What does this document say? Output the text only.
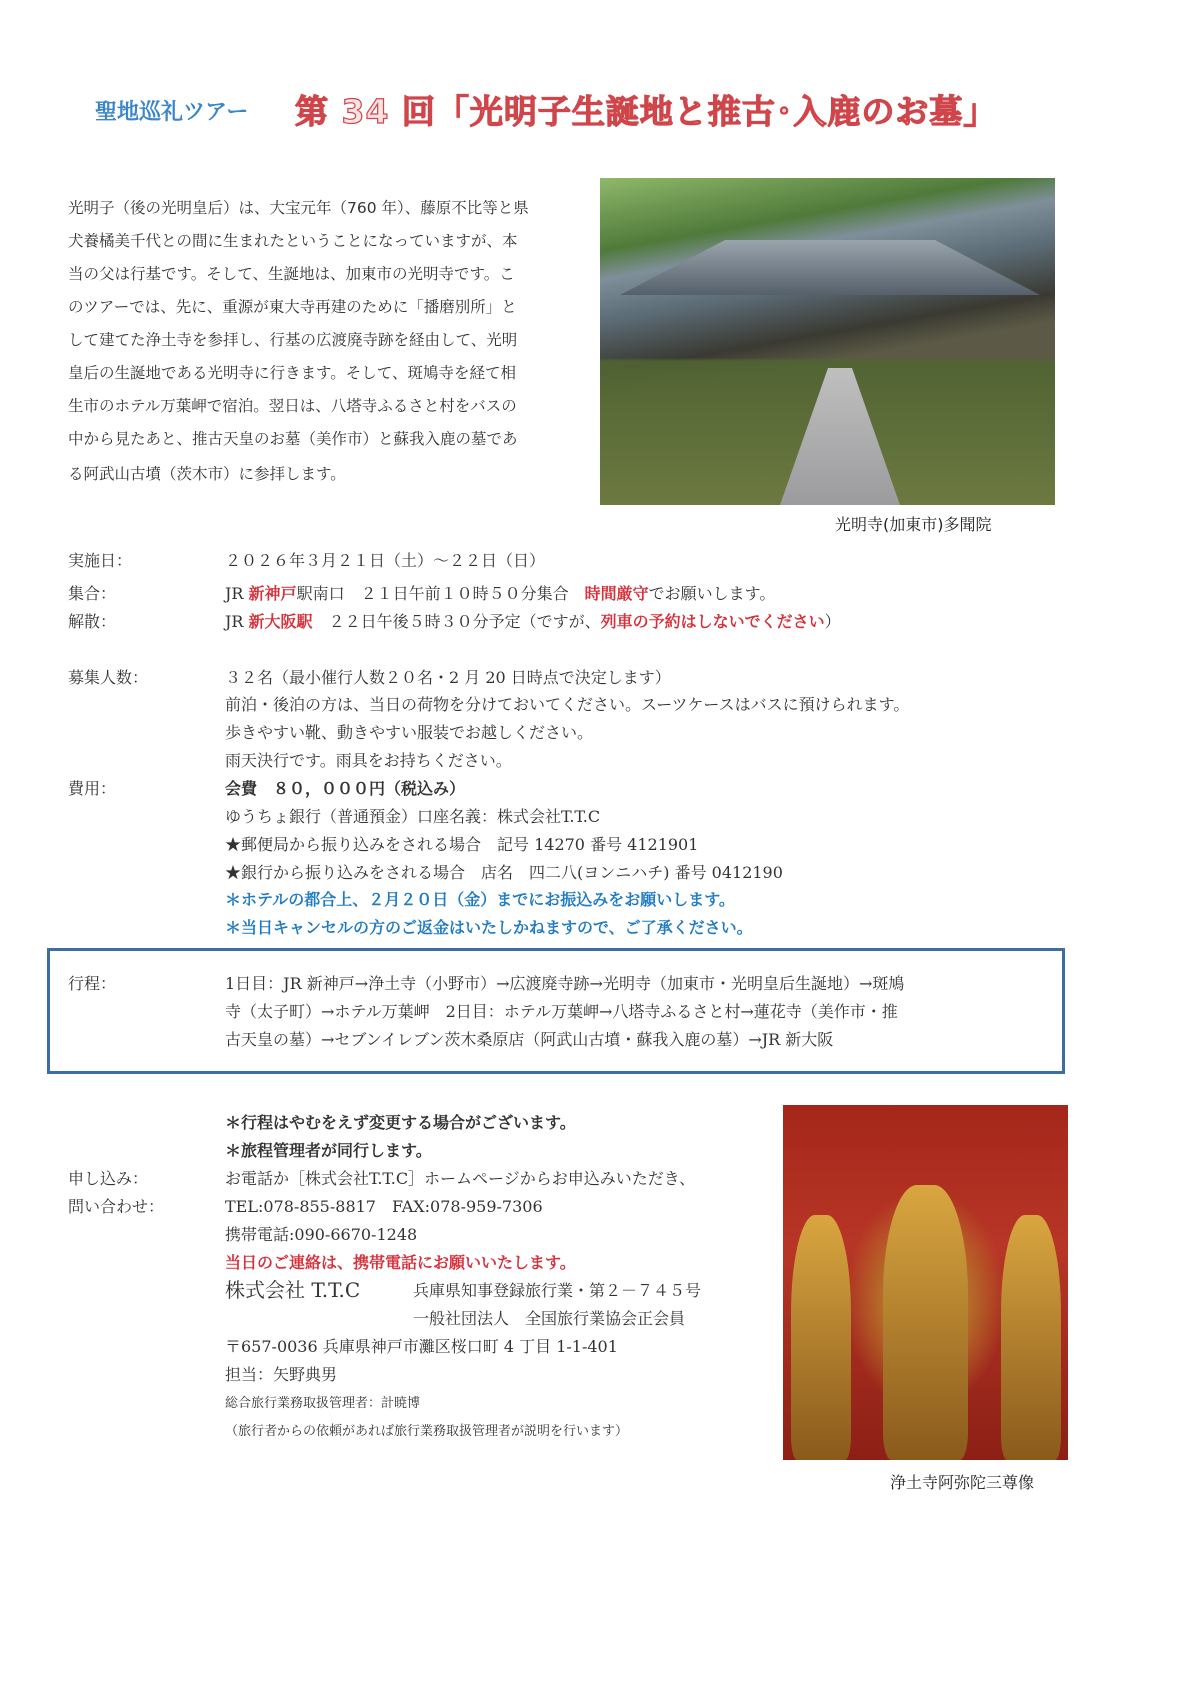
聖地巡礼ツアー 第 34 回「光明子生誕地と推古･入鹿のお墓」
光明子（後の光明皇后）は、大宝元年（760 年）、藤原不比等と県
犬養橘美千代との間に生まれたということになっていますが、本
当の父は行基です。そして、生誕地は、加東市の光明寺です。こ
のツアーでは、先に、重源が東大寺再建のために「播磨別所」と
して建てた浄土寺を参拝し、行基の広渡廃寺跡を経由して、光明
皇后の生誕地である光明寺に行きます。そして、斑鳩寺を経て相
生市のホテル万葉岬で宿泊。翌日は、八塔寺ふるさと村をバスの
中から見たあと、推古天皇のお墓（美作市）と蘇我入鹿の墓であ
る阿武山古墳（茨木市）に参拝します。
光明寺(加東市)多聞院
実施日：	２０２６年３月２１日（土）～２２日（日）
集合：	JR 新神戸駅南口　２１日午前１０時５０分集合　時間厳守でお願いします。
解散：	JR 新大阪駅　２２日午後５時３０分予定（ですが、列車の予約はしないでください）
募集人数：	３２名（最小催行人数２０名・2 月 20 日時点で決定します）
前泊・後泊の方は、当日の荷物を分けておいてください。スーツケースはバスに預けられます。
歩きやすい靴、動きやすい服装でお越しください。
雨天決行です。雨具をお持ちください。
費用：	会費　８０，０００円（税込み）
ゆうちょ銀行（普通預金）口座名義：株式会社T.T.C
★郵便局から振り込みをされる場合　記号 14270 番号 4121901
★銀行から振り込みをされる場合　店名　四二八(ヨンニハチ) 番号 0412190
＊ホテルの都合上、２月２０日（金）までにお振込みをお願いします。
＊当日キャンセルの方のご返金はいたしかねますので、ご了承ください。
行程：	1日目：JR 新神戸→浄土寺（小野市）→広渡廃寺跡→光明寺（加東市・光明皇后生誕地）→斑鳩
寺（太子町）→ホテル万葉岬　2日目：ホテル万葉岬→八塔寺ふるさと村→蓮花寺（美作市・推
古天皇の墓）→セブンイレブン茨木桑原店（阿武山古墳・蘇我入鹿の墓）→JR 新大阪
＊行程はやむをえず変更する場合がございます。
＊旅程管理者が同行します。
申し込み：	お電話か［株式会社T.T.C］ホームページからお申込みいただき、
問い合わせ：	TEL:078-855-8817　FAX:078-959-7306
携帯電話:090-6670-1248
当日のご連絡は、携帯電話にお願いいたします。
株式会社 T.T.C	兵庫県知事登録旅行業・第２－７４５号
一般社団法人　全国旅行業協会正会員
〒657-0036 兵庫県神戸市灘区桜口町 4 丁目 1-1-401
担当：矢野典男
総合旅行業務取扱管理者：計暁博
（旅行者からの依頼があれば旅行業務取扱管理者が説明を行います）
浄土寺阿弥陀三尊像
